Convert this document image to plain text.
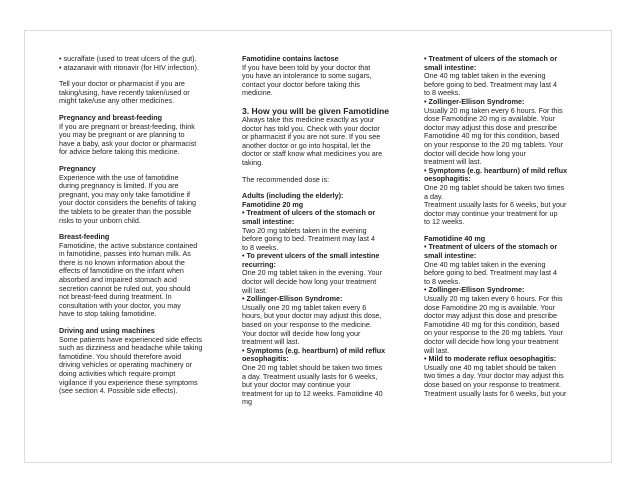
• sucralfate (used to treat ulcers of the gut).
• atazanavir with ritonavir (for HIV infection).

Tell your doctor or pharmacist if you are
taking/using, have recently taken/used or
might take/use any other medicines.

Pregnancy and breast-feeding

If you are pregnant or breast-feeding, think
you may be pregnant or are planning to
have a baby, ask your doctor or pharmacist
for advice before taking this medicine.

Pregnancy

Experience with the use of famotidine
during pregnancy is limited. If you are
pregnant, you may only take famotidine if
your doctor considers the benefits of taking
the tablets to be greater than the possible
risks to your unborn child.

Breast-feeding

Famotidine, the active substance contained
in famotidine, passes into human milk. As
there is no known information about the
effects of famotidine on the infant when
absorbed and impaired stomach acid
secretion cannot be ruled out, you should
not breast-feed during treatment. In
consultation with your doctor, you may
have to stop taking famotidine.

Driving and using machines

Some patients have experienced side effects
such as dizziness and headache while taking
famotidine. You should therefore avoid
driving vehicles or operating machinery or
doing activities which require prompt
vigilance if you experience these symptoms
(see section 4. Possible side effects).

Famotidine contains lactose

If you have been told by your doctor that
you have an intolerance to some sugars,
contact your doctor before taking this
medicine.

3. How you will be given Famotidine

Always take this medicine exactly as your
doctor has told you. Check with your doctor
or pharmacist if you are not sure. If you see
another doctor or go into hospital, let the
doctor or staff know what medicines you are
taking.

The recommended dose is:

Adults (including the elderly):

Famotidine 20 mg

• Treatment of ulcers of the stomach or
small intestine:

Two 20 mg tablets taken in the evening
before going to bed. Treatment may last 4
to 8 weeks.

• To prevent ulcers of the small intestine
recurring:

One 20 mg tablet taken in the evening. Your
doctor will decide how long your treatment
will last.

• Zollinger-Ellison Syndrome:

Usually one 20 mg tablet taken every 6
hours, but your doctor may adjust this dose,
based on your response to the medicine.
Your doctor will decide how long your
treatment will last.

• Symptoms (e.g. heartburn) of mild reflux
oesophagitis:

One 20 mg tablet should be taken two times
a day. Treatment usually lasts for 6 weeks,
but your doctor may continue your
treatment for up to 12 weeks. Famotidine 40
mg

• Treatment of ulcers of the stomach or
small intestine:

One 40 mg tablet taken in the evening
before going to bed. Treatment may last 4
to 8 weeks.

• Zollinger-Ellison Syndrome:

Usually 20 mg taken every 6 hours. For this
dose Famotidine 20 mg is available. Your
doctor may adjust this dose and prescribe
Famotidine 40 mg for this condition, based
on your response to the 20 mg tablets. Your
doctor will decide how long your
treatment will last.

• Symptoms (e.g. heartburn) of mild reflux
oesophagitis:

One 20 mg tablet should be taken two times
a day.
Treatment usually lasts for 6 weeks, but your
doctor may continue your treatment for up
to 12 weeks.

Famotidine 40 mg

• Treatment of ulcers of the stomach or
small intestine:

One 40 mg tablet taken in the evening
before going to bed. Treatment may last 4
to 8 weeks.

• Zollinger-Ellison Syndrome:

Usually 20 mg taken every 6 hours. For this
dose Famotidine 20 mg is available. Your
doctor may adjust this dose and prescribe
Famotidine 40 mg for this condition, based
on your response to the 20 mg tablets. Your
doctor will decide how long your treatment
will last.

• Mild to moderate reflux oesophagitis:

Usually one 40 mg tablet should be taken
two times a day. Your doctor may adjust this
dose based on your response to treatment.
Treatment usually lasts for 6 weeks, but your
